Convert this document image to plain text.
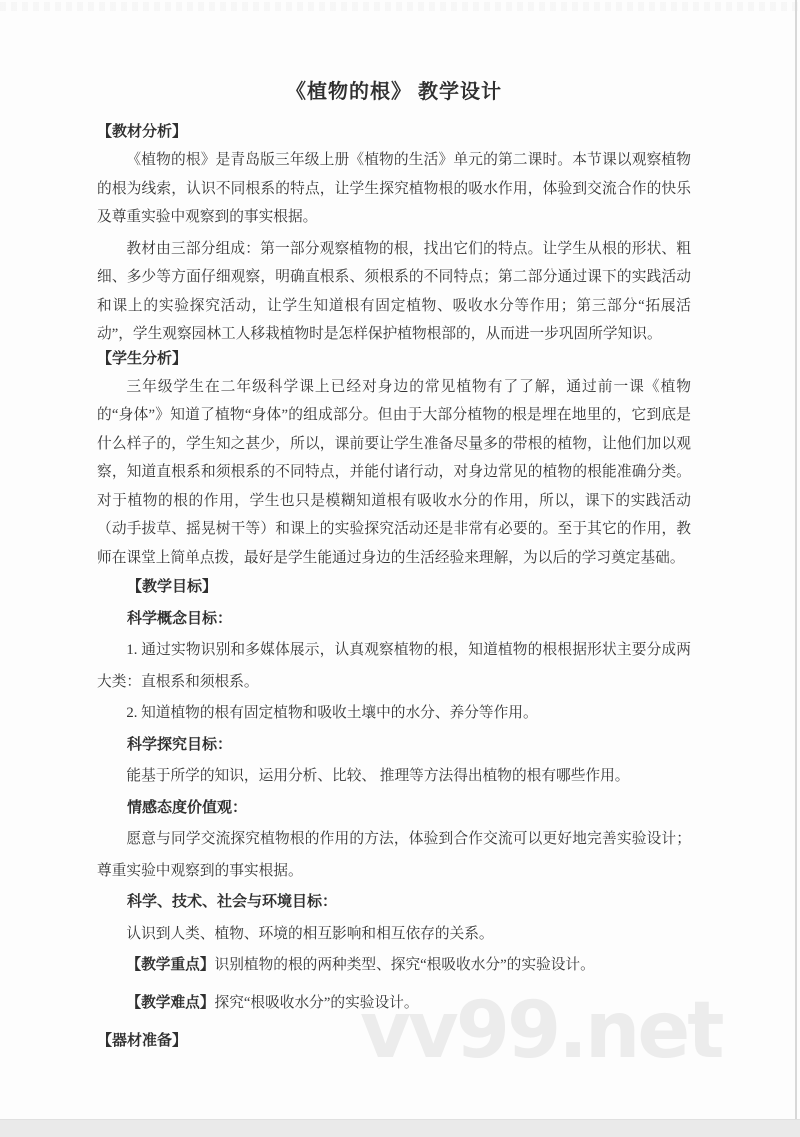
vv99.net
《植物的根》 教学设计

【教材分析】

《植物的根》是青岛版三年级上册《植物的生活》单元的第二课时。本节课以观察植物的根为线索，认识不同根系的特点，让学生探究植物根的吸水作用，体验到交流合作的快乐及尊重实验中观察到的事实根据。

教材由三部分组成：第一部分观察植物的根，找出它们的特点。让学生从根的形状、粗细、多少等方面仔细观察，明确直根系、须根系的不同特点；第二部分通过课下的实践活动和课上的实验探究活动，让学生知道根有固定植物、吸收水分等作用；第三部分“拓展活动”，学生观察园林工人移栽植物时是怎样保护植物根部的，从而进一步巩固所学知识。

【学生分析】

三年级学生在二年级科学课上已经对身边的常见植物有了了解，通过前一课《植物的“身体”》知道了植物“身体”的组成部分。但由于大部分植物的根是埋在地里的，它到底是什么样子的，学生知之甚少，所以，课前要让学生准备尽量多的带根的植物，让他们加以观察，知道直根系和须根系的不同特点，并能付诸行动，对身边常见的植物的根能准确分类。对于植物的根的作用，学生也只是模糊知道根有吸收水分的作用，所以，课下的实践活动（动手拔草、摇晃树干等）和课上的实验探究活动还是非常有必要的。至于其它的作用，教师在课堂上简单点拨，最好是学生能通过身边的生活经验来理解，为以后的学习奠定基础。

【教学目标】

科学概念目标：

1. 通过实物识别和多媒体展示，认真观察植物的根，知道植物的根根据形状主要分成两大类：直根系和须根系。

2. 知道植物的根有固定植物和吸收土壤中的水分、养分等作用。

科学探究目标：

能基于所学的知识，运用分析、比较、 推理等方法得出植物的根有哪些作用。

情感态度价值观：

愿意与同学交流探究植物根的作用的方法，体验到合作交流可以更好地完善实验设计；尊重实验中观察到的事实根据。

科学、技术、社会与环境目标：

认识到人类、植物、环境的相互影响和相互依存的关系。

【教学重点】识别植物的根的两种类型、探究“根吸收水分”的实验设计。

【教学难点】探究“根吸收水分”的实验设计。

【器材准备】
